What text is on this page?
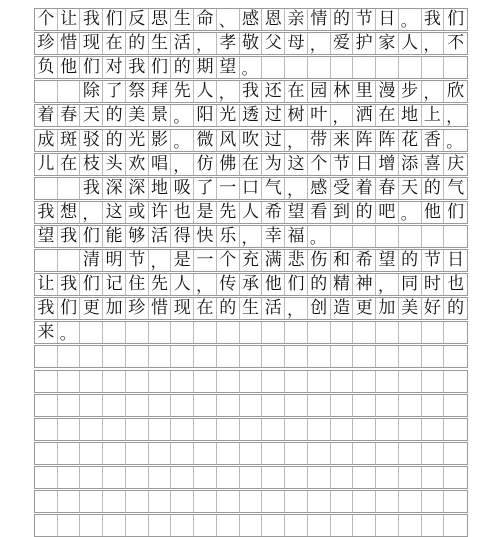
个 让 我 们 反 思 生 命 、 感 恩 亲 情 的 节 日 。 我 们
珍 惜 现 在 的 生 活 ， 孝 敬 父 母 ， 爱 护 家 人 ， 不
负 他 们 对 我 们 的 期 望 。
除 了 祭 拜 先 人 ， 我 还 在 园 林 里 漫 步 ， 欣
着 春 天 的 美 景 。 阳 光 透 过 树 叶 ， 洒 在 地 上 ，
成 斑 驳 的 光 影 。 微 风 吹 过 ， 带 来 阵 阵 花 香 。
儿 在 枝 头 欢 唱 ， 仿 佛 在 为 这 个 节 日 增 添 喜 庆
我 深 深 地 吸 了 一 口 气 ， 感 受 着 春 天 的 气
我 想 ， 这 或 许 也 是 先 人 希 望 看 到 的 吧 。 他 们
望 我 们 能 够 活 得 快 乐 ， 幸 福 。
清 明 节 ， 是 一 个 充 满 悲 伤 和 希 望 的 节 日
让 我 们 记 住 先 人 ， 传 承 他 们 的 精 神 ， 同 时 也
我 们 更 加 珍 惜 现 在 的 生 活 ， 创 造 更 加 美 好 的
来 。
